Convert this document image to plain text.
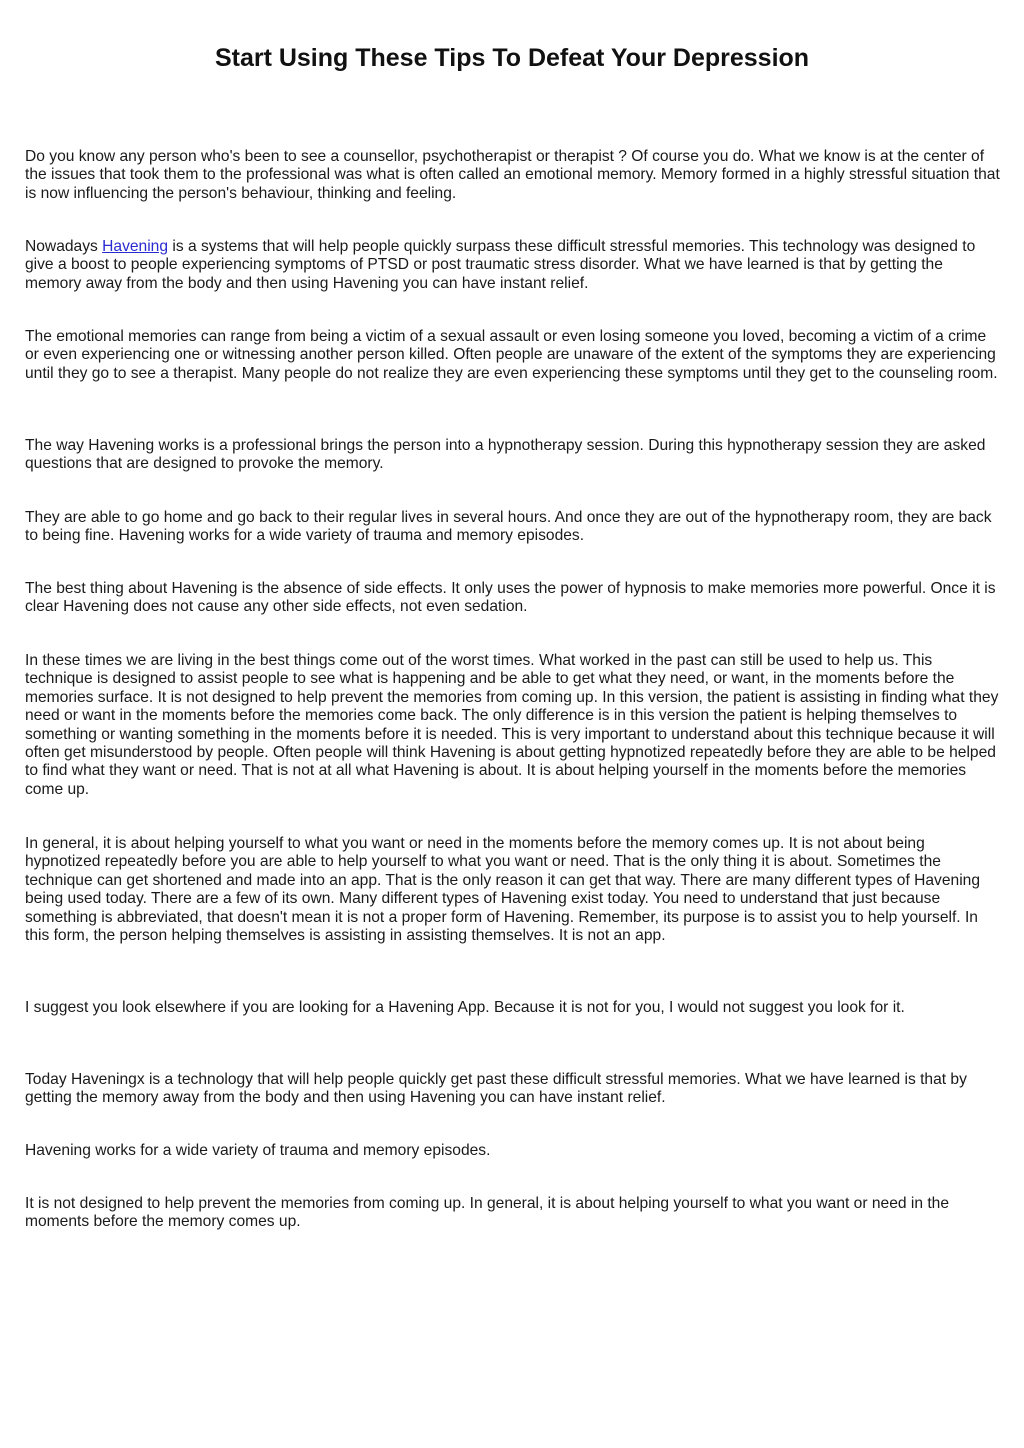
Start Using These Tips To Defeat Your Depression

Do you know any person who's been to see a counsellor, psychotherapist or therapist ? Of course you do. What we know is at the center of the issues that took them to the professional was what is often called an emotional memory. Memory formed in a highly stressful situation that is now influencing the person's behaviour, thinking and feeling.

Nowadays Havening is a systems that will help people quickly surpass these difficult stressful memories. This technology was designed to give a boost to people experiencing symptoms of PTSD or post traumatic stress disorder. What we have learned is that by getting the memory away from the body and then using Havening you can have instant relief.

The emotional memories can range from being a victim of a sexual assault or even losing someone you loved, becoming a victim of a crime or even experiencing one or witnessing another person killed. Often people are unaware of the extent of the symptoms they are experiencing until they go to see a therapist. Many people do not realize they are even experiencing these symptoms until they get to the counseling room.

The way Havening works is a professional brings the person into a hypnotherapy session. During this hypnotherapy session they are asked questions that are designed to provoke the memory.

They are able to go home and go back to their regular lives in several hours. And once they are out of the hypnotherapy room, they are back to being fine. Havening works for a wide variety of trauma and memory episodes.

The best thing about Havening is the absence of side effects. It only uses the power of hypnosis to make memories more powerful. Once it is clear Havening does not cause any other side effects, not even sedation.

In these times we are living in the best things come out of the worst times. What worked in the past can still be used to help us. This technique is designed to assist people to see what is happening and be able to get what they need, or want, in the moments before the memories surface. It is not designed to help prevent the memories from coming up. In this version, the patient is assisting in finding what they need or want in the moments before the memories come back. The only difference is in this version the patient is helping themselves to something or wanting something in the moments before it is needed. This is very important to understand about this technique because it will often get misunderstood by people. Often people will think Havening is about getting hypnotized repeatedly before they are able to be helped to find what they want or need. That is not at all what Havening is about. It is about helping yourself in the moments before the memories come up.

In general, it is about helping yourself to what you want or need in the moments before the memory comes up. It is not about being hypnotized repeatedly before you are able to help yourself to what you want or need. That is the only thing it is about. Sometimes the technique can get shortened and made into an app. That is the only reason it can get that way. There are many different types of Havening being used today. There are a few of its own. Many different types of Havening exist today. You need to understand that just because something is abbreviated, that doesn't mean it is not a proper form of Havening. Remember, its purpose is to assist you to help yourself. In this form, the person helping themselves is assisting in assisting themselves. It is not an app.

I suggest you look elsewhere if you are looking for a Havening App. Because it is not for you, I would not suggest you look for it.

Today Haveningx is a technology that will help people quickly get past these difficult stressful memories. What we have learned is that by getting the memory away from the body and then using Havening you can have instant relief.

Havening works for a wide variety of trauma and memory episodes.

It is not designed to help prevent the memories from coming up. In general, it is about helping yourself to what you want or need in the moments before the memory comes up.
